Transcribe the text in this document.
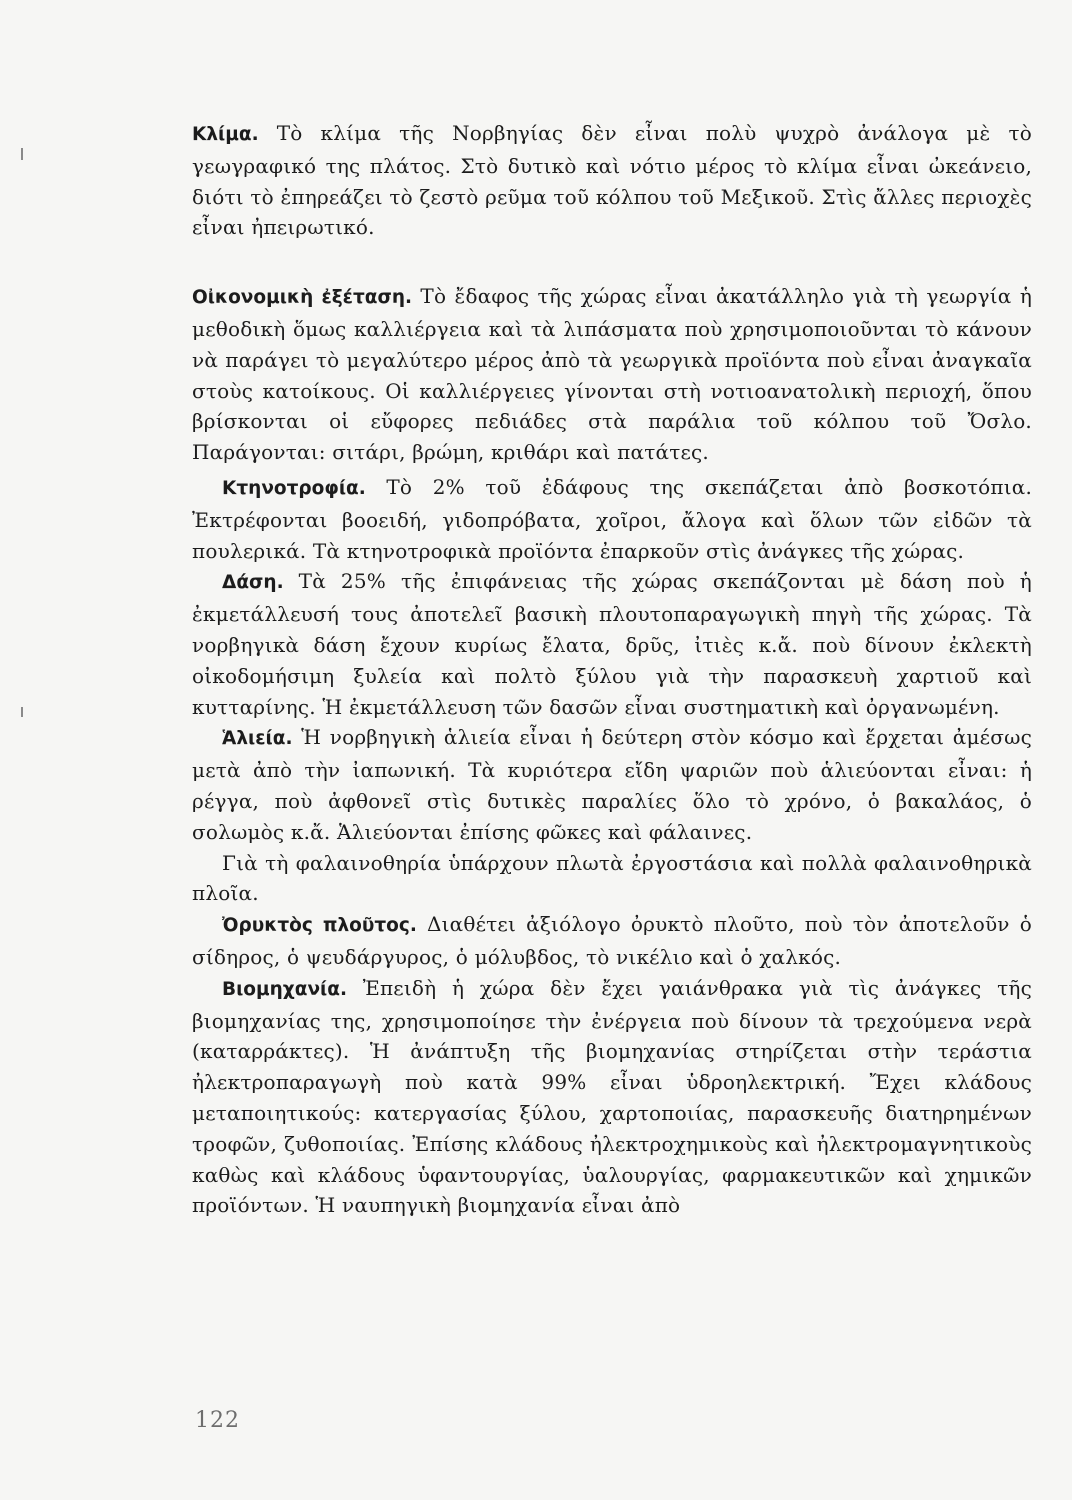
Κλίμα. Τὸ κλίμα τῆς Νορβηγίας δὲν εἶναι πολὺ ψυχρὸ ἀνάλογα μὲ τὸ γεωγραφικό της πλάτος. Στὸ δυτικὸ καὶ νότιο μέρος τὸ κλίμα εἶναι ὠκεάνειο, διότι τὸ ἐπηρεάζει τὸ ζεστὸ ρεῦμα τοῦ κόλπου τοῦ Μεξικοῦ. Στὶς ἄλλες περιοχὲς εἶναι ἠπειρωτικό.

Οἰκονομικὴ ἐξέταση. Τὸ ἔδαφος τῆς χώρας εἶναι ἀκατάλληλο γιὰ τὴ γεωργία ἡ μεθοδικὴ ὅμως καλλιέργεια καὶ τὰ λιπάσματα ποὺ χρησιμοποιοῦνται τὸ κάνουν νὰ παράγει τὸ μεγαλύτερο μέρος ἀπὸ τὰ γεωργικὰ προϊόντα ποὺ εἶναι ἀναγκαῖα στοὺς κατοίκους. Οἱ καλλιέργειες γίνονται στὴ νοτιοανατολικὴ περιοχή, ὅπου βρίσκονται οἱ εὔφορες πεδιάδες στὰ παράλια τοῦ κόλπου τοῦ Ὄσλο. Παράγονται: σιτάρι, βρώμη, κριθάρι καὶ πατάτες.

Κτηνοτροφία. Τὸ 2% τοῦ ἐδάφους της σκεπάζεται ἀπὸ βοσκοτόπια. Ἐκτρέφονται βοοειδή, γιδοπρόβατα, χοῖροι, ἄλογα καὶ ὅλων τῶν εἰδῶν τὰ πουλερικά. Τὰ κτηνοτροφικὰ προϊόντα ἐπαρκοῦν στὶς ἀνάγκες τῆς χώρας.

Δάση. Τὰ 25% τῆς ἐπιφάνειας τῆς χώρας σκεπάζονται μὲ δάση ποὺ ἡ ἐκμετάλλευσή τους ἀποτελεῖ βασικὴ πλουτοπαραγωγικὴ πηγὴ τῆς χώρας. Τὰ νορβηγικὰ δάση ἔχουν κυρίως ἔλατα, δρῦς, ἰτιὲς κ.ἄ. ποὺ δίνουν ἐκλεκτὴ οἰκοδομήσιμη ξυλεία καὶ πολτὸ ξύλου γιὰ τὴν παρασκευὴ χαρτιοῦ καὶ κυτταρίνης. Ἡ ἐκμετάλλευση τῶν δασῶν εἶναι συστηματικὴ καὶ ὀργανωμένη.

Ἁλιεία. Ἡ νορβηγικὴ ἁλιεία εἶναι ἡ δεύτερη στὸν κόσμο καὶ ἔρχεται ἀμέσως μετὰ ἀπὸ τὴν ἰαπωνική. Τὰ κυριότερα εἴδη ψαριῶν ποὺ ἁλιεύονται εἶναι: ἡ ρέγγα, ποὺ ἀφθονεῖ στὶς δυτικὲς παραλίες ὅλο τὸ χρόνο, ὁ βακαλάος, ὁ σολωμὸς κ.ἄ. Ἁλιεύονται ἐπίσης φῶκες καὶ φάλαινες.

Γιὰ τὴ φαλαινοθηρία ὑπάρχουν πλωτὰ ἐργοστάσια καὶ πολλὰ φαλαινοθηρικὰ πλοῖα.

Ὀρυκτὸς πλοῦτος. Διαθέτει ἀξιόλογο ὀρυκτὸ πλοῦτο, ποὺ τὸν ἀποτελοῦν ὁ σίδηρος, ὁ ψευδάργυρος, ὁ μόλυβδος, τὸ νικέλιο καὶ ὁ χαλκός.

Βιομηχανία. Ἐπειδὴ ἡ χώρα δὲν ἔχει γαιάνθρακα γιὰ τὶς ἀνάγκες τῆς βιομηχανίας της, χρησιμοποίησε τὴν ἐνέργεια ποὺ δίνουν τὰ τρεχούμενα νερὰ (καταρράκτες). Ἡ ἀνάπτυξη τῆς βιομηχανίας στηρίζεται στὴν τεράστια ἠλεκτροπαραγωγὴ ποὺ κατὰ 99% εἶναι ὑδροηλεκτρική. Ἔχει κλάδους μεταποιητικούς: κατεργασίας ξύλου, χαρτοποιίας, παρασκευῆς διατηρημένων τροφῶν, ζυθοποιίας. Ἐπίσης κλάδους ἠλεκτροχημικοὺς καὶ ἠλεκτρομαγνητικοὺς καθὼς καὶ κλάδους ὑφαντουργίας, ὑαλουργίας, φαρμακευτικῶν καὶ χημικῶν προϊόντων. Ἡ ναυπηγικὴ βιομηχανία εἶναι ἀπὸ

122
